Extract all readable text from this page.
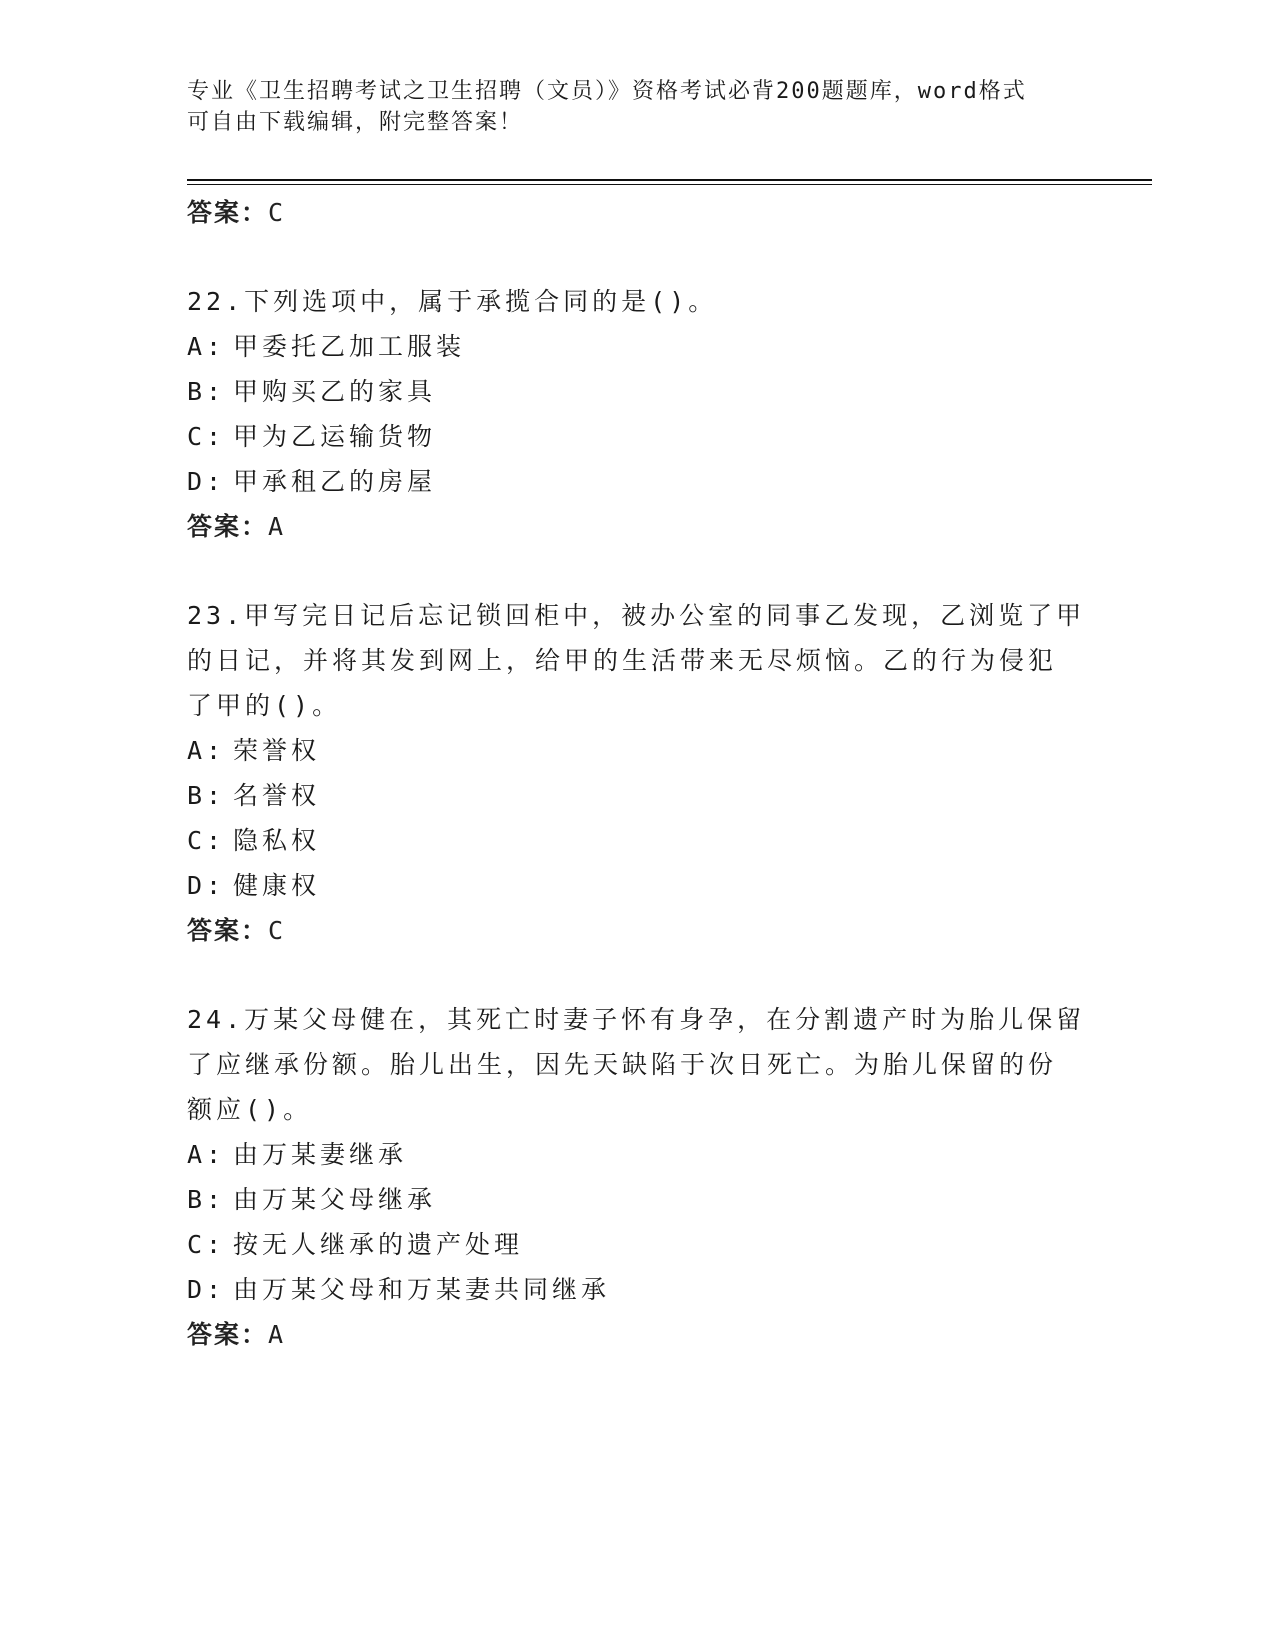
专业《卫生招聘考试之卫生招聘（文员）》资格考试必背200题题库，word格式

可自由下载编辑，附完整答案！

答案：C

22.下列选项中，属于承揽合同的是()。

A: 甲委托乙加工服装

B: 甲购买乙的家具

C: 甲为乙运输货物

D: 甲承租乙的房屋

答案：A

23.甲写完日记后忘记锁回柜中，被办公室的同事乙发现，乙浏览了甲

的日记，并将其发到网上，给甲的生活带来无尽烦恼。乙的行为侵犯

了甲的()。

A: 荣誉权

B: 名誉权

C: 隐私权

D: 健康权

答案：C

24.万某父母健在，其死亡时妻子怀有身孕，在分割遗产时为胎儿保留

了应继承份额。胎儿出生，因先天缺陷于次日死亡。为胎儿保留的份

额应()。

A: 由万某妻继承

B: 由万某父母继承

C: 按无人继承的遗产处理

D: 由万某父母和万某妻共同继承

答案：A
